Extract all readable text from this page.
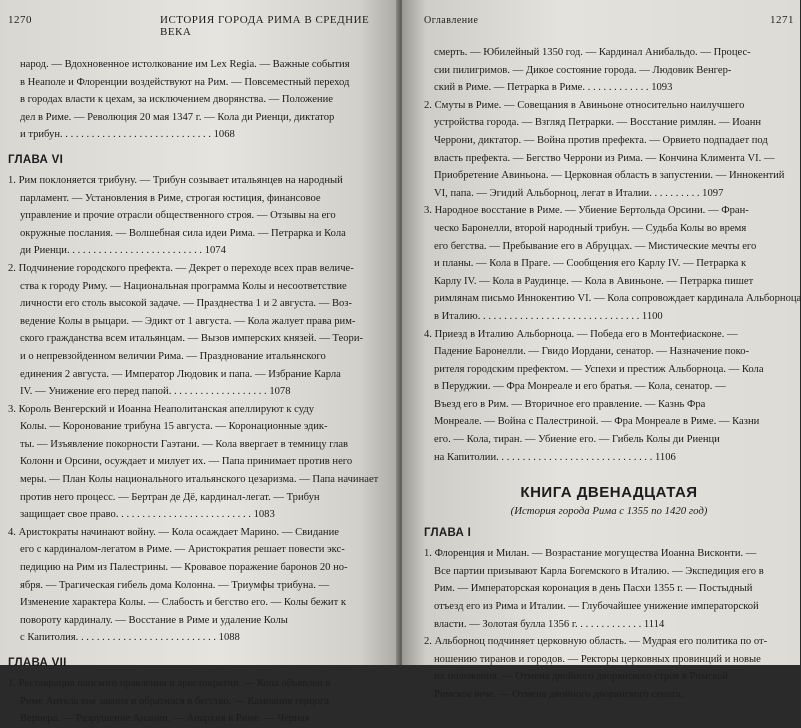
1270	ИСТОРИЯ ГОРОДА РИМА В СРЕДНИЕ ВЕКА
народ. — Вдохновенное истолкование им Lex Regia. — Важные события
в Неаполе и Флоренции воздействуют на Рим. — Повсеместный переход
в городах власти к цехам, за исключением дворянства. — Положение
дел в Риме. — Революция 20 мая 1347 г. — Кола ди Риенци, диктатор
и трибун. . . . . . . . . . . . . . . . . . . . . . . . . . . . . 1068
ГЛАВА VI
1. Рим поклоняется трибуну. — Трибун созывает итальянцев на народный
парламент. — Установления в Риме, строгая юстиция, финансовое
управление и прочие отрасли общественного строя. — Отзывы на его
окружные послания. — Волшебная сила идеи Рима. — Петрарка и Кола
ди Риенци. . . . . . . . . . . . . . . . . . . . . . . . . . 1074
2. Подчинение городского префекта. — Декрет о переходе всех прав величе-
ства к городу Риму. — Национальная программа Колы и несоответствие
личности его столь высокой задаче. — Празднества 1 и 2 августа. — Воз-
ведение Колы в рыцари. — Эдикт от 1 августа. — Кола жалует права рим-
ского гражданства всем итальянцам. — Вызов имперских князей. — Теори-
и о непревзойденном величии Рима. — Празднование итальянского
единения 2 августа. — Император Людовик и папа. — Избрание Карла
IV. — Унижение его перед папой. . . . . . . . . . . . . . . . . . . 1078
3. Король Венгерский и Иоанна Неаполитанская апеллируют к суду
Колы. — Коронование трибуна 15 августа. — Коронационные эдик-
ты. — Изъявление покорности Гаэтани. — Кола ввергает в темницу глав
Колонн и Орсини, осуждает и милует их. — Папа принимает против него
меры. — План Колы национального итальянского цезаризма. — Папа начинает
против него процесс. — Бертран де Дё, кардинал-легат. — Трибун
защищает свое право. . . . . . . . . . . . . . . . . . . . . . . . . . 1083
4. Аристократы начинают войну. — Кола осаждает Марино. — Свидание
его с кардиналом-легатом в Риме. — Аристократия решает повести экс-
педицию на Рим из Палестрины. — Кровавое поражение баронов 20 но-
ября. — Трагическая гибель дома Колонна. — Триумфы трибуна. —
Изменение характера Колы. — Слабость и бегство его. — Колы бежит к
повороту кардиналу. — Восстание в Риме и удаление Колы
с Капитолия. . . . . . . . . . . . . . . . . . . . . . . . . . . 1088
ГЛАВА VII
1. Реставрация папского правления и аристократии. — Кола объявлен в
Риме Антела вне закона и обратился в бегство. — Кампания герцога
Вернера. — Разрушение Анании. — Анархия в Риме. — Черная
Оглавление	1271
смерть. — Юбилейный 1350 год. — Кардинал Анибальдо. — Процес-
сии пилигримов. — Дикое состояние города. — Людовик Венгер-
ский в Риме. — Петрарка в Риме. . . . . . . . . . . . . 1093
2. Смуты в Риме. — Совещания в Авиньоне относительно наилучшего
устройства города. — Взгляд Петрарки. — Восстание римлян. — Иоанн
Черрони, диктатор. — Война против префекта. — Орвието подпадает под
власть префекта. — Бегство Черрони из Рима. — Кончина Климента VI. —
Приобретение Авиньона. — Церковная область в запустении. — Иннокентий
VI, папа. — Эгидий Альборноц, легат в Италии. . . . . . . . . . 1097
3. Народное восстание в Риме. — Убиение Бертольда Орсини. — Фран-
ческо Баронелли, второй народный трибун. — Судьба Колы во время
его бегства. — Пребывание его в Абруццах. — Мистические мечты его
и планы. — Кола в Праге. — Сообщения его Карлу IV. — Петрарка к
Карлу IV. — Кола в Раудинце. — Кола в Авиньоне. — Петрарка пишет
римлянам письмо Иннокентию VI. — Кола сопровождает кардинала Альборноца
в Италию. . . . . . . . . . . . . . . . . . . . . . . . . . . . . . . 1100
4. Приезд в Италию Альборноца. — Победа его в Монтефиасконе. —
Падение Баронелли. — Гвидо Иордани, сенатор. — Назначение поко-
рителя городским префектом. — Успехи и престиж Альборноца. — Кола
в Перуджии. — Фра Монреале и его братья. — Кола, сенатор. —
Въезд его в Рим. — Вторичное его правление. — Казнь Фра
Монреале. — Война с Палестриной. — Фра Монреале в Риме. — Казни
его. — Кола, тиран. — Убиение его. — Гибель Колы ди Риенци
на Капитолии. . . . . . . . . . . . . . . . . . . . . . . . . . . . . . 1106
КНИГА ДВЕНАДЦАТАЯ
(История города Рима с 1355 по 1420 год)
ГЛАВА I
1. Флоренция и Милан. — Возрастание могущества Иоанна Висконти. —
Все партии призывают Карла Богемского в Италию. — Экспедиция его в
Рим. — Императорская коронация в день Пасхи 1355 г. — Постыдный
отъезд его из Рима и Италии. — Глубочайшее унижение императорской
власти. — Золотая булла 1356 г. . . . . . . . . . . . . 1114
2. Альборноц подчиняет церковную область. — Мудрая его политика по от-
ношению тиранов и городов. — Ректоры церковных провинций и новые
их положения. — Отмена двойного дворянского строя в Римской
Римское вече. — Отмена двойного дворянского сената.
